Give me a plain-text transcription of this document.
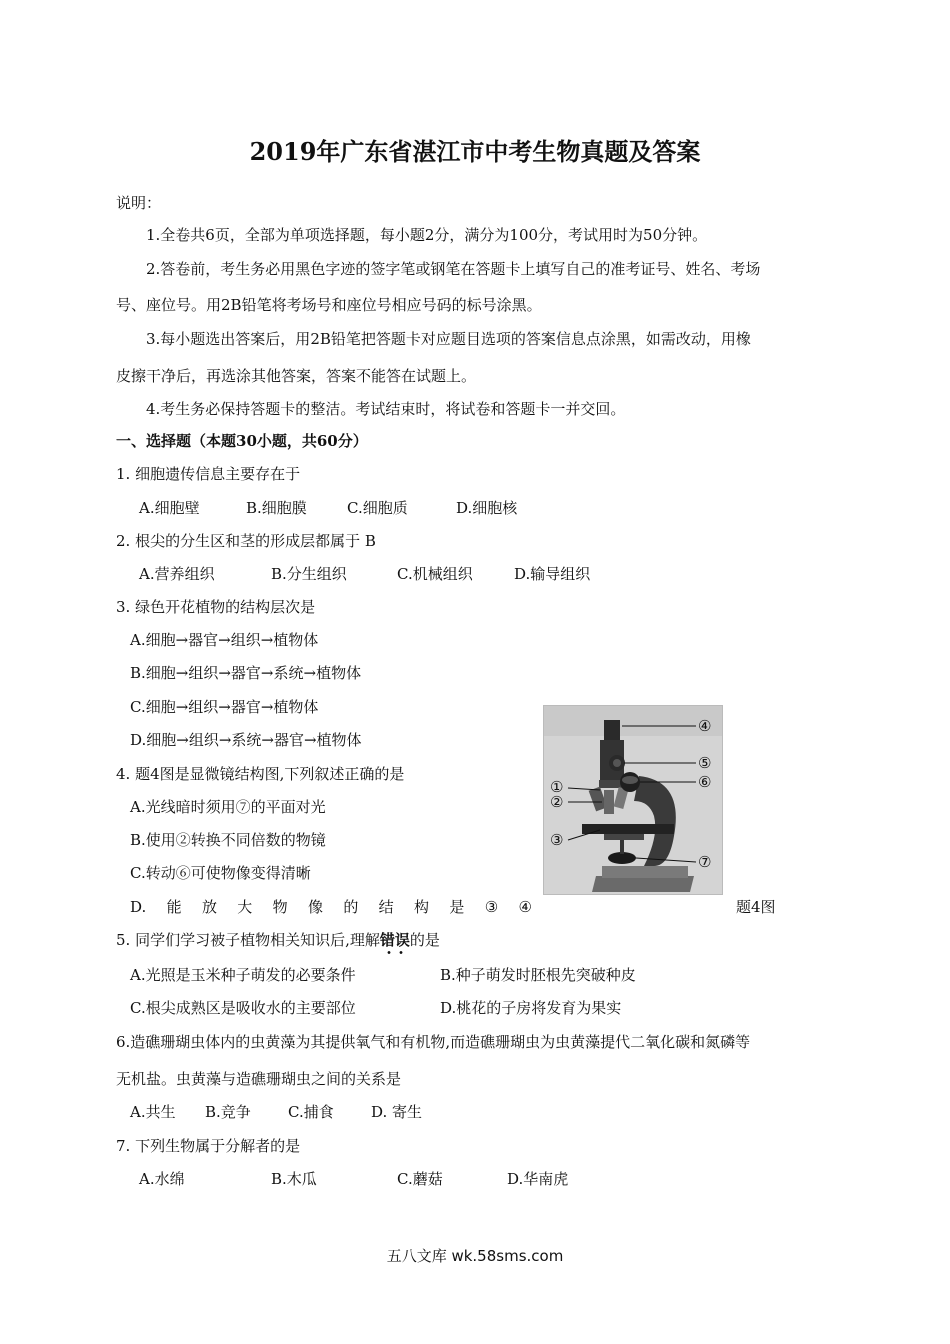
2019年广东省湛江市中考生物真题及答案
说明：
1.全卷共6页，全部为单项选择题，每小题2分，满分为100分，考试用时为50分钟。
2.答卷前，考生务必用黑色字迹的签字笔或钢笔在答题卡上填写自己的准考证号、姓名、考场
号、座位号。用2B铅笔将考场号和座位号相应号码的标号涂黑。
3.每小题选出答案后，用2B铅笔把答题卡对应题目选项的答案信息点涂黑，如需改动，用橡
皮擦干净后，再选涂其他答案，答案不能答在试题上。
4.考生务必保持答题卡的整洁。考试结束时，将试卷和答题卡一并交回。
一、选择题（本题30小题，共60分）
1. 细胞遗传信息主要存在于
A.细胞壁	B.细胞膜	C.细胞质	D.细胞核
2. 根尖的分生区和茎的形成层都属于 B
A.营养组织	B.分生组织	C.机械组织	D.输导组织
3. 绿色开花植物的结构层次是
A.细胞→器官→组织→植物体
B.细胞→组织→器官→系统→植物体
C.细胞→组织→器官→植物体
D.细胞→组织→系统→器官→植物体
4. 题4图是显微镜结构图,下列叙述正确的是
A.光线暗时须用⑦的平面对光
B.使用②转换不同倍数的物镜
C.转动⑥可使物像变得清晰
D. 能 放 大 物 像 的 结 构 是 ③ ④	题4图
④
⑤
⑥
①
②
③
⑦
5. 同学们学习被子植物相关知识后,理解错误的是
A.光照是玉米种子萌发的必要条件	B.种子萌发时胚根先突破种皮
C.根尖成熟区是吸收水的主要部位	D.桃花的子房将发育为果实
6.造礁珊瑚虫体内的虫黄藻为其提供氧气和有机物,而造礁珊瑚虫为虫黄藻提代二氧化碳和氮磷等
无机盐。虫黄藻与造礁珊瑚虫之间的关系是
A.共生 B.竞争 C.捕食 D. 寄生
7. 下列生物属于分解者的是
A.水绵	B.木瓜	C.蘑菇	D.华南虎
五八文库 wk.58sms.com
